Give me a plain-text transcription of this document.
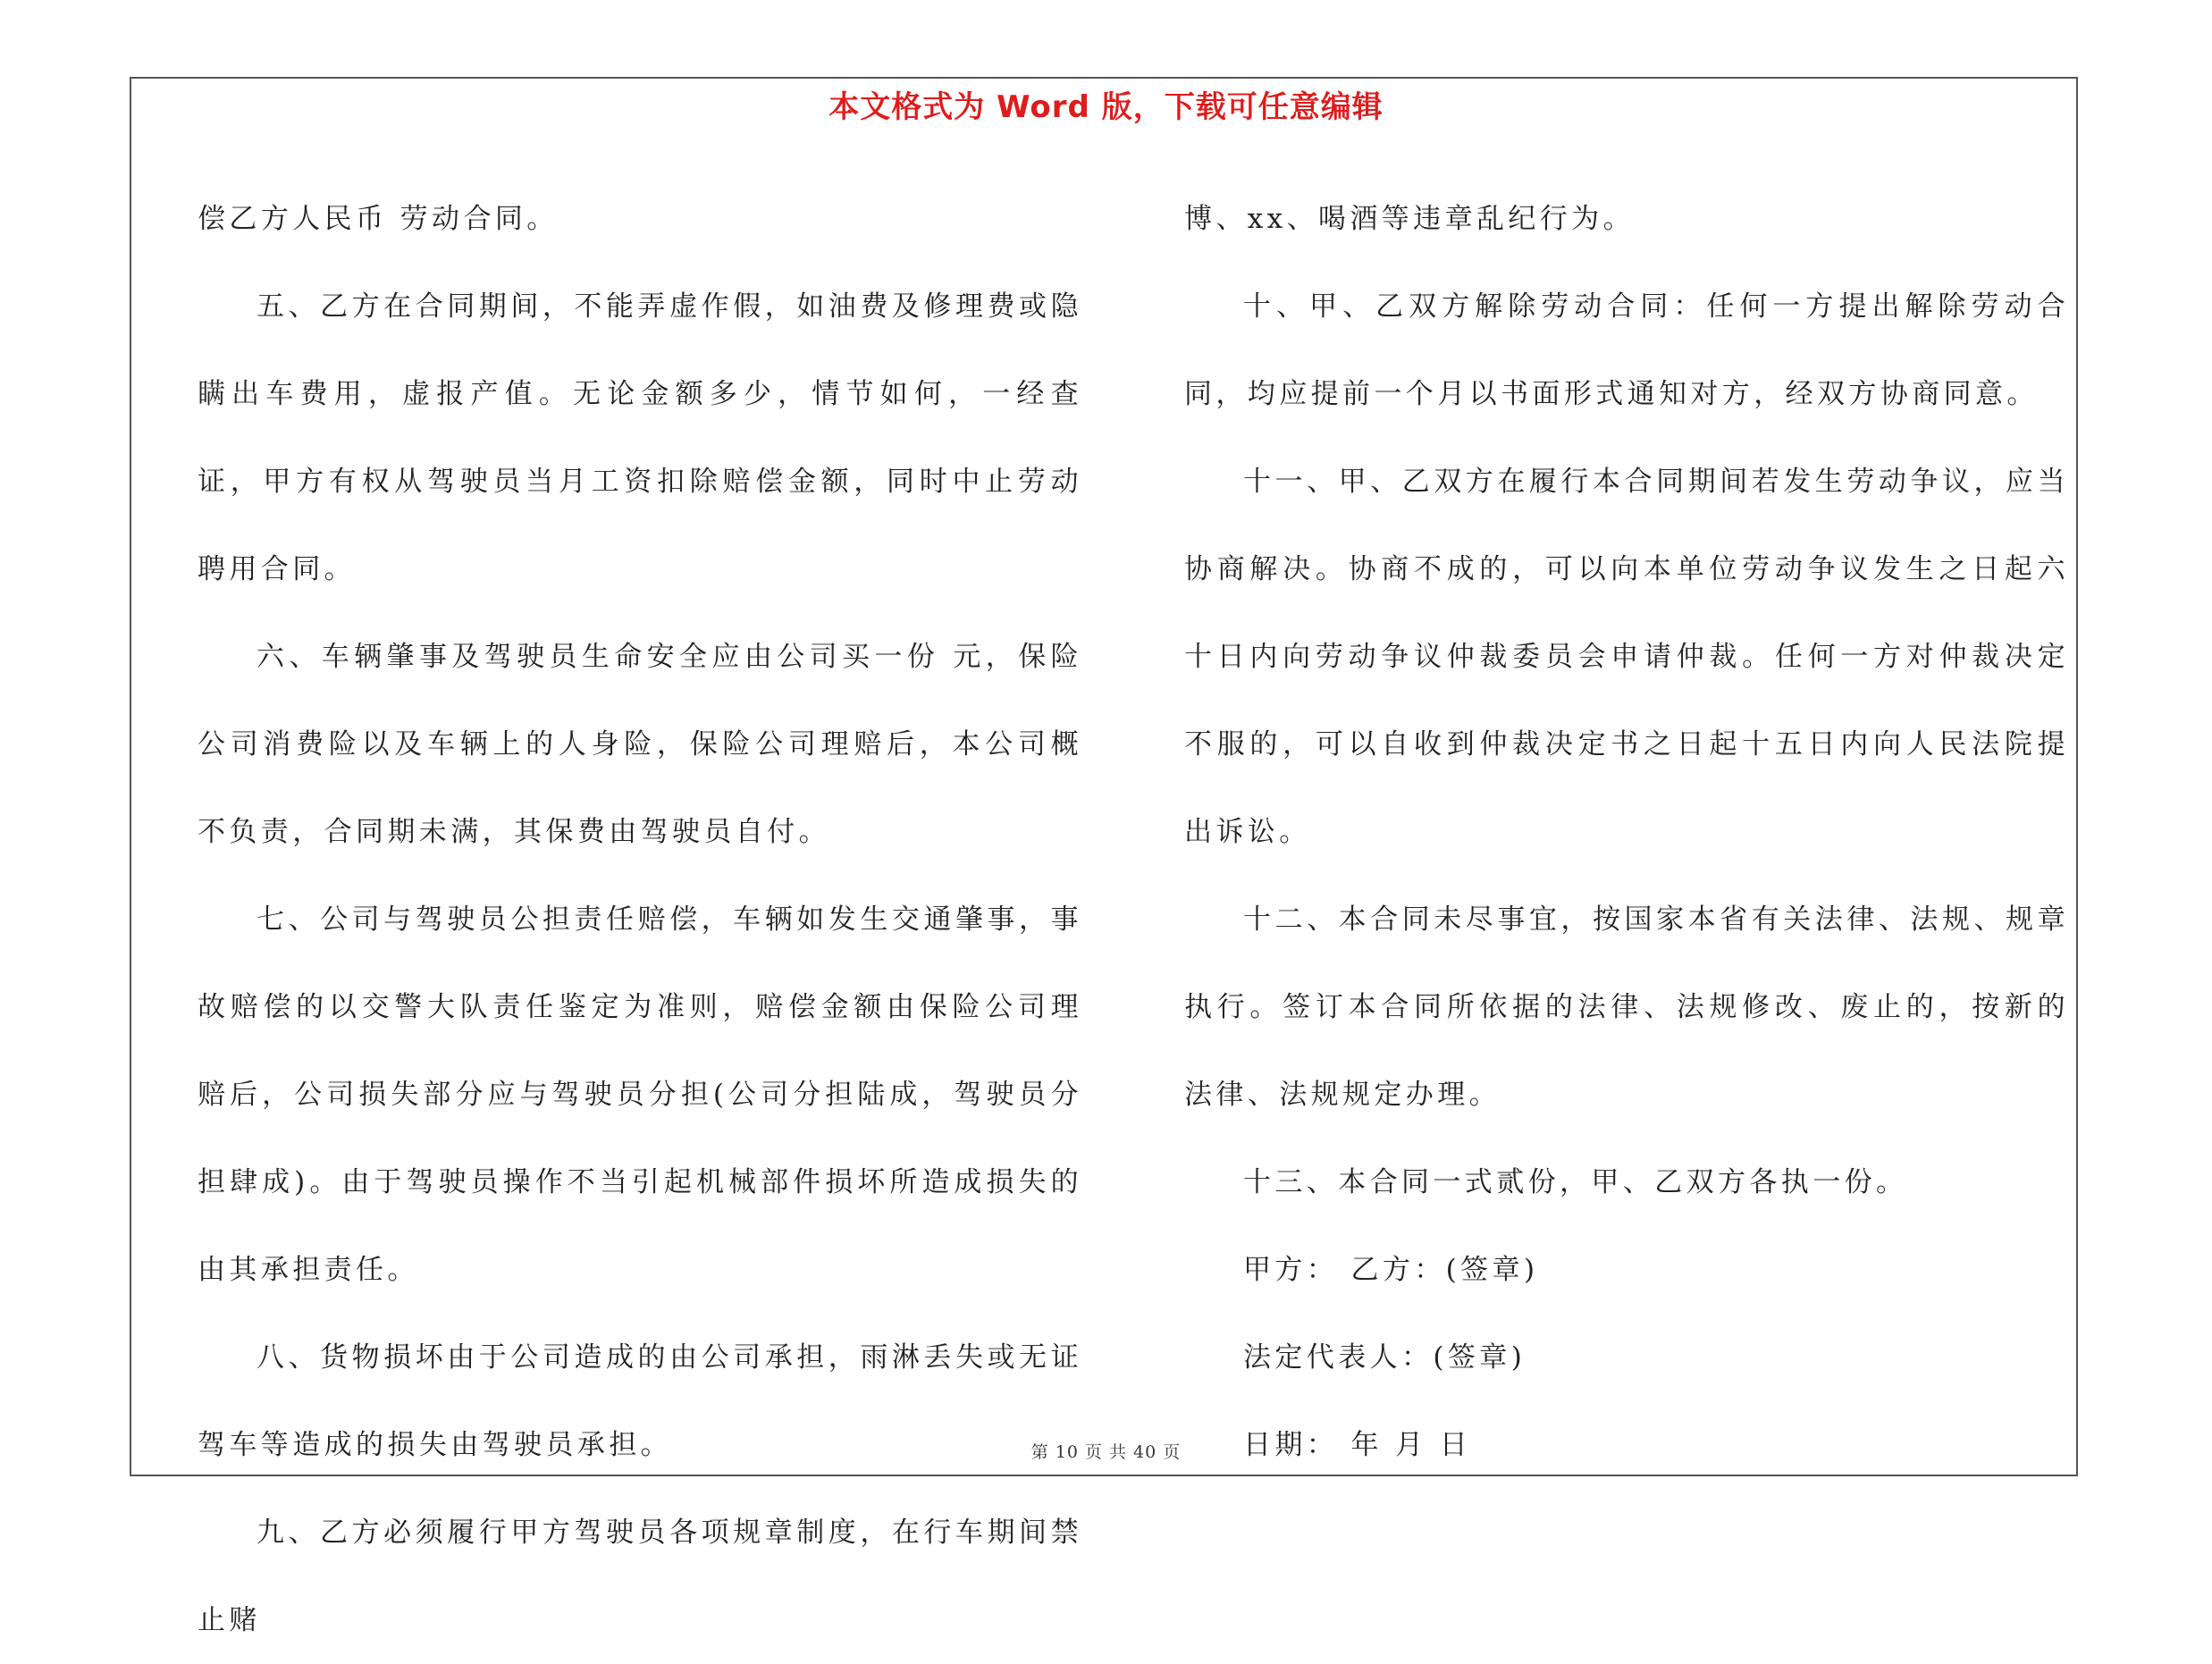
本文格式为 Word 版，下载可任意编辑

偿乙方人民币 劳动合同。

五、乙方在合同期间，不能弄虚作假，如油费及修理费或隐瞒出车费用，虚报产值。无论金额多少，情节如何，一经查证，甲方有权从驾驶员当月工资扣除赔偿金额，同时中止劳动聘用合同。

六、车辆肇事及驾驶员生命安全应由公司买一份 元，保险公司消费险以及车辆上的人身险，保险公司理赔后，本公司概不负责，合同期未满，其保费由驾驶员自付。

七、公司与驾驶员公担责任赔偿，车辆如发生交通肇事，事故赔偿的以交警大队责任鉴定为准则，赔偿金额由保险公司理赔后，公司损失部分应与驾驶员分担(公司分担陆成，驾驶员分担肆成)。由于驾驶员操作不当引起机械部件损坏所造成损失的由其承担责任。

八、货物损坏由于公司造成的由公司承担，雨淋丢失或无证驾车等造成的损失由驾驶员承担。

九、乙方必须履行甲方驾驶员各项规章制度，在行车期间禁止赌

博、xx、喝酒等违章乱纪行为。

十、甲、乙双方解除劳动合同：任何一方提出解除劳动合同，均应提前一个月以书面形式通知对方，经双方协商同意。

十一、甲、乙双方在履行本合同期间若发生劳动争议，应当协商解决。协商不成的，可以向本单位劳动争议发生之日起六十日内向劳动争议仲裁委员会申请仲裁。任何一方对仲裁决定不服的，可以自收到仲裁决定书之日起十五日内向人民法院提出诉讼。

十二、本合同未尽事宜，按国家本省有关法律、法规、规章执行。签订本合同所依据的法律、法规修改、废止的，按新的法律、法规规定办理。

十三、本合同一式贰份，甲、乙双方各执一份。

甲方： 乙方：(签章)

法定代表人：(签章)

日期： 年 月 日

第 10 页 共 40 页
